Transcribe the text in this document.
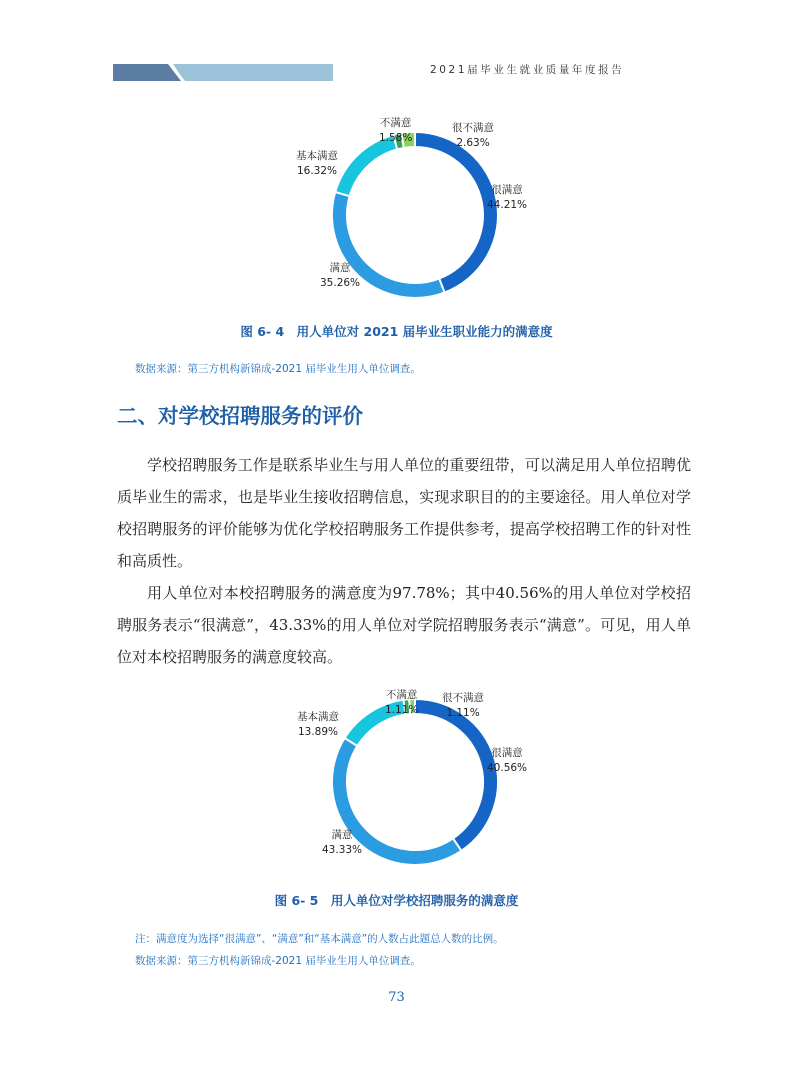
2021届毕业生就业质量年度报告
很不满意
2.63%
不满意
1.58%
很满意
44.21%
基本满意
16.32%
满意
35.26%
图 6- 4　用人单位对 2021 届毕业生职业能力的满意度
数据来源：第三方机构新锦成-2021 届毕业生用人单位调查。
二、对学校招聘服务的评价

学校招聘服务工作是联系毕业生与用人单位的重要纽带，可以满足用人单位招聘优质毕业生的需求，也是毕业生接收招聘信息，实现求职目的的主要途径。用人单位对学校招聘服务的评价能够为优化学校招聘服务工作提供参考，提高学校招聘工作的针对性和高质性。

用人单位对本校招聘服务的满意度为97.78%；其中40.56%的用人单位对学校招聘服务表示“很满意”，43.33%的用人单位对学院招聘服务表示“满意”。可见，用人单位对本校招聘服务的满意度较高。

很不满意
1.11%
不满意
1.11%
很满意
40.56%
基本满意
13.89%
满意
43.33%
图 6- 5　用人单位对学校招聘服务的满意度
注：满意度为选择“很满意”、“满意”和“基本满意”的人数占此题总人数的比例。
数据来源：第三方机构新锦成-2021 届毕业生用人单位调查。
73
